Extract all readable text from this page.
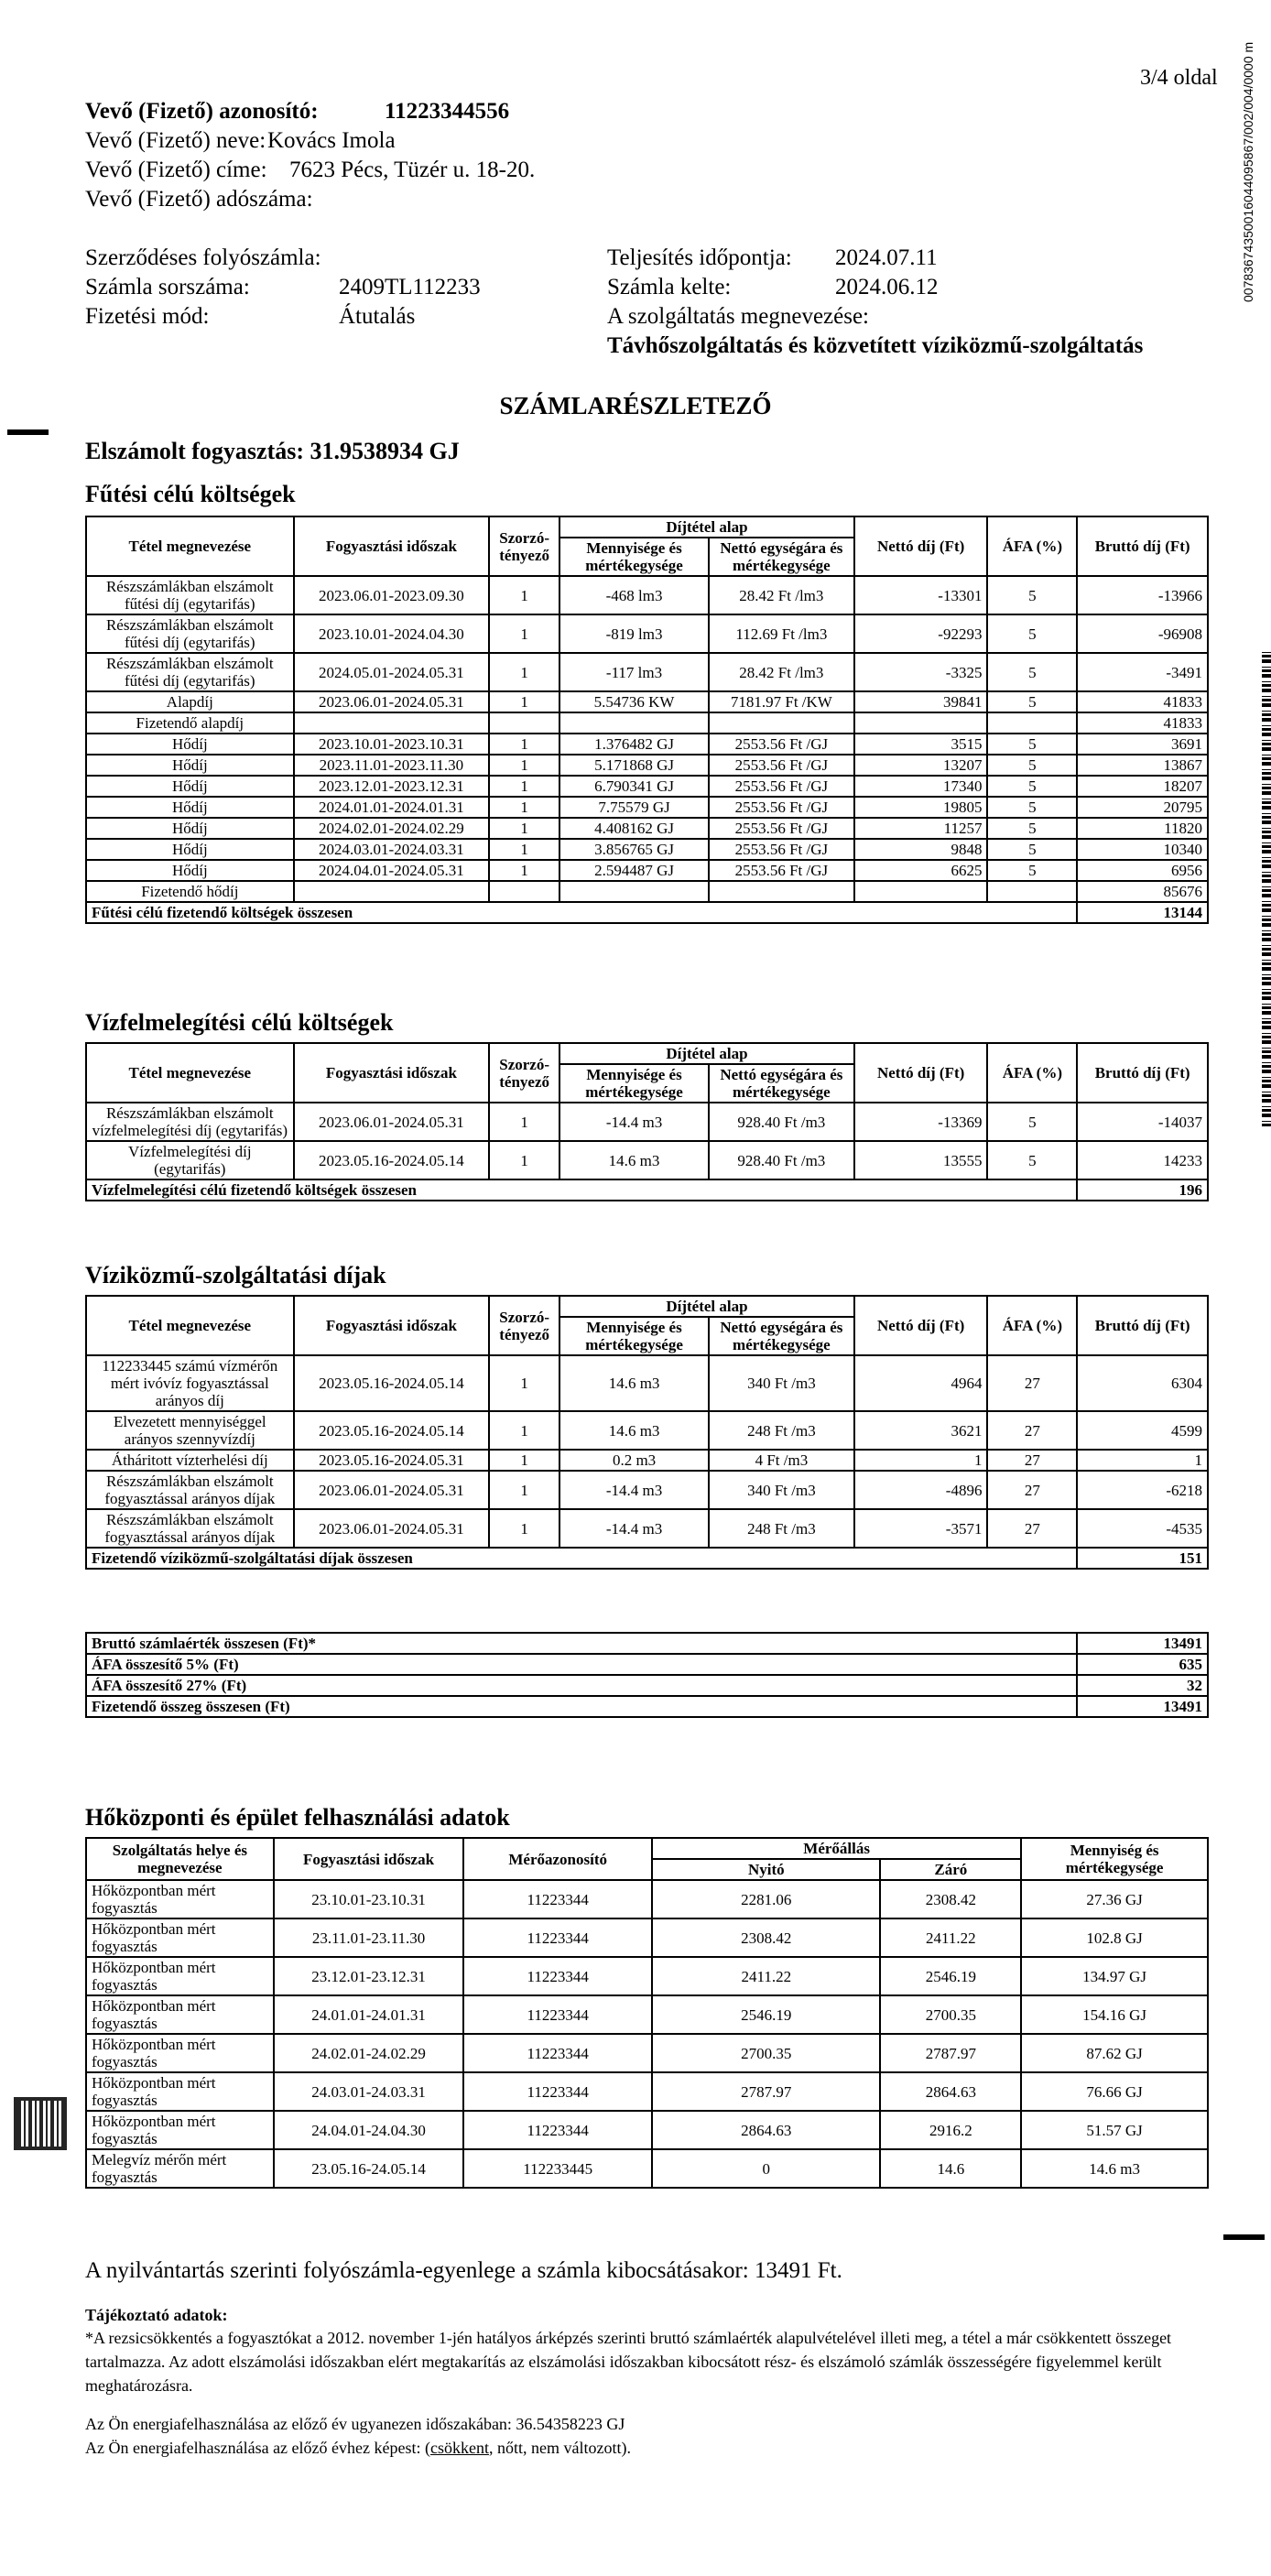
3/4 oldal
Vevő (Fizető) azonosító:	11223344556
Vevő (Fizető) neve: Kovács Imola
Vevő (Fizető) címe: 7623 Pécs, Tüzér u. 18-20.
Vevő (Fizető) adószáma:
Szerződéses folyószámla:
Számla sorszáma:	2409TL112233
Fizetési mód:	Átutalás
Teljesítés időpontja: 2024.07.11
Számla kelte:	2024.06.12
A szolgáltatás megnevezése:
Távhőszolgáltatás és közvetített víziközmű-szolgáltatás
00783674350016044095867/002/004/0000 m
SZÁMLARÉSZLETEZŐ
Elszámolt fogyasztás: 31.9538934 GJ
Fűtési célú költségek
Tétel megnevezése	Fogyasztási időszak	Szorzó-tényező	Díjtétel alap		Nettó díj (Ft)	ÁFA (%)	Bruttó díj (Ft)
			Mennyisége és mértékegysége	Nettó egységára és mértékegysége			
Részszámlákban elszámolt fűtési díj (egytarifás)	2023.06.01-2023.09.30	1	-468 lm3	28.42 Ft /lm3	-13301	5	-13966
Részszámlákban elszámolt fűtési díj (egytarifás)	2023.10.01-2024.04.30	1	-819 lm3	112.69 Ft /lm3	-92293	5	-96908
Részszámlákban elszámolt fűtési díj (egytarifás)	2024.05.01-2024.05.31	1	-117 lm3	28.42 Ft /lm3	-3325	5	-3491
Alapdíj	2023.06.01-2024.05.31	1	5.54736 KW	7181.97 Ft /KW	39841	5	41833
Fizetendő alapdíj							41833
Hődíj	2023.10.01-2023.10.31	1	1.376482 GJ	2553.56 Ft /GJ	3515	5	3691
Hődíj	2023.11.01-2023.11.30	1	5.171868 GJ	2553.56 Ft /GJ	13207	5	13867
Hődíj	2023.12.01-2023.12.31	1	6.790341 GJ	2553.56 Ft /GJ	17340	5	18207
Hődíj	2024.01.01-2024.01.31	1	7.75579 GJ	2553.56 Ft /GJ	19805	5	20795
Hődíj	2024.02.01-2024.02.29	1	4.408162 GJ	2553.56 Ft /GJ	11257	5	11820
Hődíj	2024.03.01-2024.03.31	1	3.856765 GJ	2553.56 Ft /GJ	9848	5	10340
Hődíj	2024.04.01-2024.05.31	1	2.594487 GJ	2553.56 Ft /GJ	6625	5	6956
Fizetendő hődíj							85676
Fűtési célú fizetendő költségek összesen							13144
Vízfelmelegítési célú költségek
Tétel megnevezése	Fogyasztási időszak	Szorzó-tényező	Díjtétel alap		Nettó díj (Ft)	ÁFA (%)	Bruttó díj (Ft)
			Mennyisége és mértékegysége	Nettó egységára és mértékegysége			
Részszámlákban elszámolt vízfelmelegítési díj (egytarifás)	2023.06.01-2024.05.31	1	-14.4 m3	928.40 Ft /m3	-13369	5	-14037
Vízfelmelegítési díj (egytarifás)	2023.05.16-2024.05.14	1	14.6 m3	928.40 Ft /m3	13555	5	14233
Vízfelmelegítési célú fizetendő költségek összesen							196
Víziközmű-szolgáltatási díjak
Tétel megnevezése	Fogyasztási időszak	Szorzó-tényező	Díjtétel alap		Nettó díj (Ft)	ÁFA (%)	Bruttó díj (Ft)
			Mennyisége és mértékegysége	Nettó egységára és mértékegysége			
112233445 számú vízmérőn mért ivóvíz fogyasztással arányos díj	2023.05.16-2024.05.14	1	14.6 m3	340 Ft /m3	4964	27	6304
Elvezetett mennyiséggel arányos szennyvízdíj	2023.05.16-2024.05.14	1	14.6 m3	248 Ft /m3	3621	27	4599
Átháritott vízterhelési díj	2023.05.16-2024.05.31	1	0.2 m3	4 Ft /m3	1	27	1
Részszámlákban elszámolt fogyasztással arányos díjak	2023.06.01-2024.05.31	1	-14.4 m3	340 Ft /m3	-4896	27	-6218
Részszámlákban elszámolt fogyasztással arányos díjak	2023.06.01-2024.05.31	1	-14.4 m3	248 Ft /m3	-3571	27	-4535
Fizetendő víziközmű-szolgáltatási díjak összesen							151
Bruttó számlaérték összesen (Ft)*	13491
ÁFA összesítő 5% (Ft)	635
ÁFA összesítő 27% (Ft)	32
Fizetendő összeg összesen (Ft)	13491
Hőközponti és épület felhasználási adatok
Szolgáltatás helye és megnevezése	Fogyasztási időszak	Mérőazonosító	Mérőállás		Mennyiség és mértékegysége
			Nyitó	Záró	
Hőközpontban mért fogyasztás	23.10.01-23.10.31	11223344	2281.06	2308.42	27.36 GJ
Hőközpontban mért fogyasztás	23.11.01-23.11.30	11223344	2308.42	2411.22	102.8 GJ
Hőközpontban mért fogyasztás	23.12.01-23.12.31	11223344	2411.22	2546.19	134.97 GJ
Hőközpontban mért fogyasztás	24.01.01-24.01.31	11223344	2546.19	2700.35	154.16 GJ
Hőközpontban mért fogyasztás	24.02.01-24.02.29	11223344	2700.35	2787.97	87.62 GJ
Hőközpontban mért fogyasztás	24.03.01-24.03.31	11223344	2787.97	2864.63	76.66 GJ
Hőközpontban mért fogyasztás	24.04.01-24.04.30	11223344	2864.63	2916.2	51.57 GJ
Melegvíz mérőn mért fogyasztás	23.05.16-24.05.14	112233445	0	14.6	14.6 m3
A nyilvántartás szerinti folyószámla-egyenlege a számla kibocsátásakor: 13491 Ft.
Tájékoztató adatok:
*A rezsicsökkentés a fogyasztókat a 2012. november 1-jén hatályos árképzés szerinti bruttó számlaérték alapulvételével illeti meg, a tétel a már csökkentett összeget tartalmazza. Az adott elszámolási időszakban elért megtakarítás az elszámolási időszakban kibocsátott rész- és elszámoló számlák összességére figyelemmel került meghatározásra.
Az Ön energiafelhasználása az előző év ugyanezen időszakában: 36.54358223 GJ
Az Ön energiafelhasználása az előző évhez képest: (csökkent, nőtt, nem változott).
